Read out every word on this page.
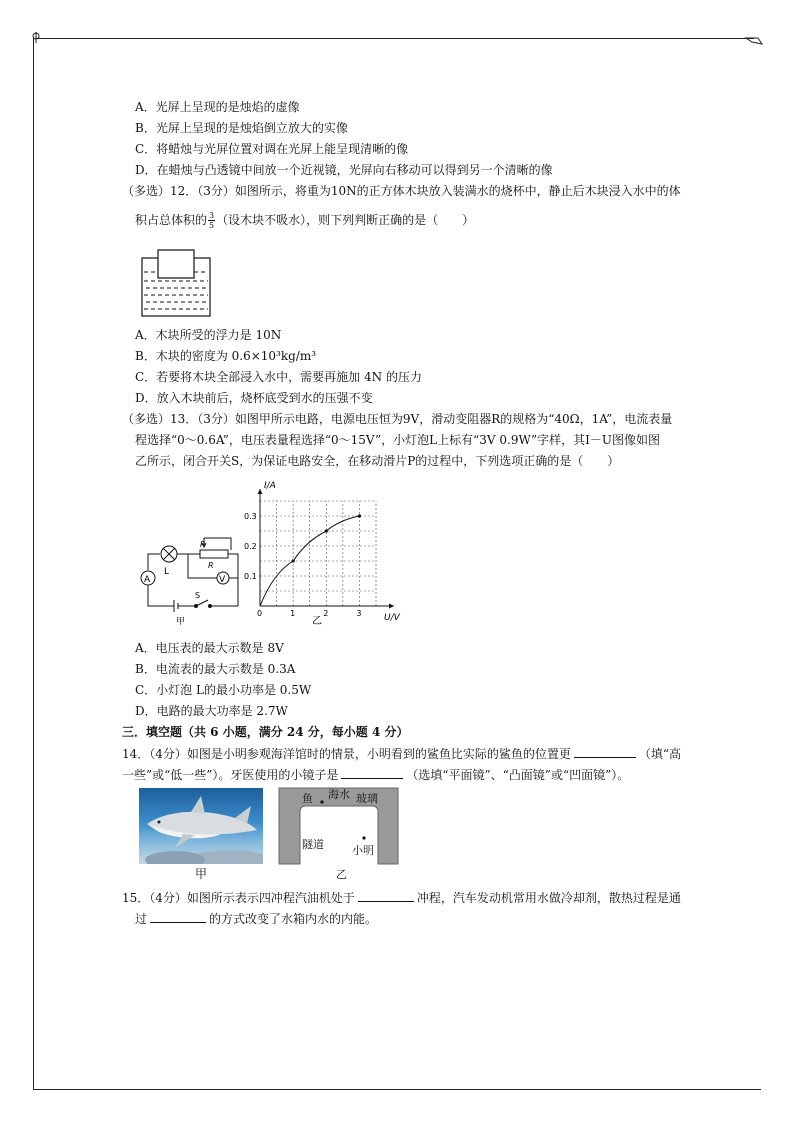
A．光屏上呈现的是烛焰的虚像
B．光屏上呈现的是烛焰倒立放大的实像
C．将蜡烛与光屏位置对调在光屏上能呈现清晰的像
D．在蜡烛与凸透镜中间放一个近视镜，光屏向右移动可以得到另一个清晰的像
（多选）12．（3分）如图所示，将重为10N的正方体木块放入装满水的烧杯中，静止后木块浸入水中的体
积占总体积的 $\frac{3}{5}$ （设木块不吸水），则下列判断正确的是（　　）
A．木块所受的浮力是 10N
B．木块的密度为 0.6×10³kg/m³
C．若要将木块全部浸入水中，需要再施加 4N 的压力
D．放入木块前后，烧杯底受到水的压强不变
（多选）13．（3分）如图甲所示电路，电源电压恒为9V，滑动变阻器R的规格为“40Ω，1A”，电流表量
程选择“0～0.6A”，电压表量程选择“0～15V”，小灯泡L上标有“3V 0.9W”字样，其I－U图像如图
乙所示，闭合开关S，为保证电路安全，在移动滑片P的过程中，下列选项正确的是（　　）
A	V
L
P
R
S
甲
0	1	2	3
0.1
0.2
0.3
I/A
U/V
乙
A．电压表的最大示数是 8V
B．电流表的最大示数是 0.3A
C．小灯泡 L的最小功率是 0.5W
D．电路的最大功率是 2.7W
三．填空题（共 6 小题，满分 24 分，每小题 4 分）
14．（4分）如图是小明参观海洋馆时的情景，小明看到的鲨鱼比实际的鲨鱼的位置更	（填“高
一些”或“低一些”）。牙医使用的小镜子是	（选填“平面镜”、“凸面镜”或“凹面镜”）。
甲
鱼 海水 玻璃
隧道	小明
乙
15．（4分）如图所示表示四冲程汽油机处于	冲程，汽车发动机常用水做冷却剂，散热过程是通
过	的方式改变了水箱内水的内能。
